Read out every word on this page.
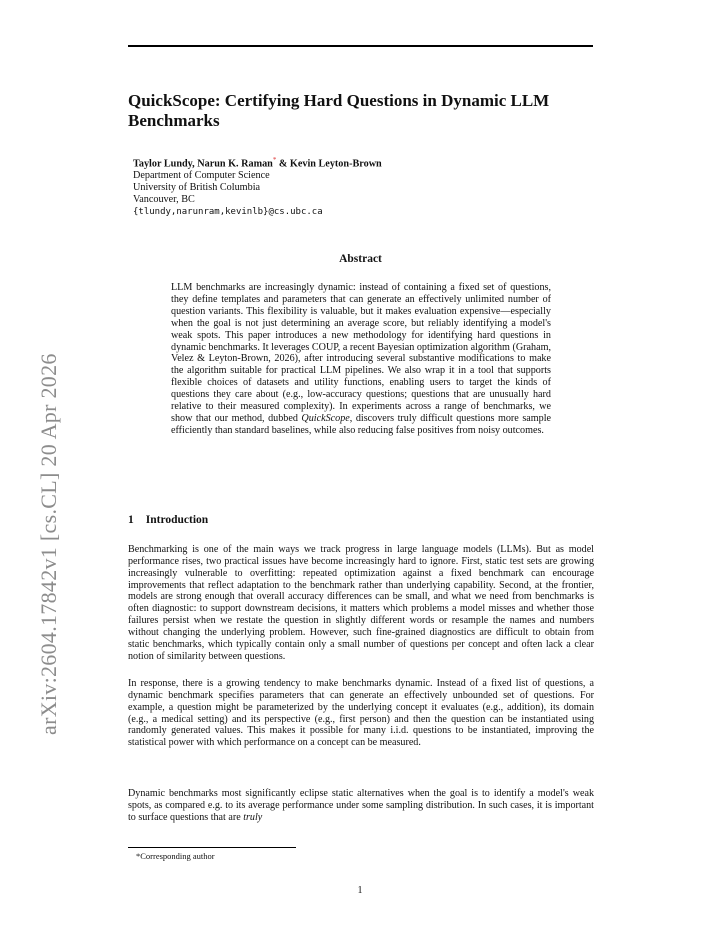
arXiv:2604.17842v1 [cs.CL] 20 Apr 2026
QuickScope: Certifying Hard Questions in Dynamic LLM Benchmarks
Taylor Lundy, Narun K. Raman* & Kevin Leyton-Brown
Department of Computer Science
University of British Columbia
Vancouver, BC
{tlundy,narunram,kevinlb}@cs.ubc.ca
Abstract

LLM benchmarks are increasingly dynamic: instead of containing a fixed set of questions, they define templates and parameters that can generate an effectively unlimited number of question variants. This flexibility is valuable, but it makes evaluation expensive—especially when the goal is not just determining an average score, but reliably identifying a model's weak spots. This paper introduces a new methodology for identifying hard questions in dynamic benchmarks. It leverages COUP, a recent Bayesian optimization algorithm (Graham, Velez & Leyton-Brown, 2026), after introducing several substantive modifications to make the algorithm suitable for practical LLM pipelines. We also wrap it in a tool that supports flexible choices of datasets and utility functions, enabling users to target the kinds of questions they care about (e.g., low-accuracy questions; questions that are unusually hard relative to their measured complexity). In experiments across a range of benchmarks, we show that our method, dubbed QuickScope, discovers truly difficult questions more sample efficiently than standard baselines, while also reducing false positives from noisy outcomes.

1 Introduction

Benchmarking is one of the main ways we track progress in large language models (LLMs). But as model performance rises, two practical issues have become increasingly hard to ignore. First, static test sets are growing increasingly vulnerable to overfitting: repeated optimization against a fixed benchmark can encourage improvements that reflect adaptation to the benchmark rather than underlying capability. Second, at the frontier, models are strong enough that overall accuracy differences can be small, and what we need from benchmarks is often diagnostic: to support downstream decisions, it matters which problems a model misses and whether those failures persist when we restate the question in slightly different words or resample the names and numbers without changing the underlying problem. However, such fine-grained diagnostics are difficult to obtain from static benchmarks, which typically contain only a small number of questions per concept and often lack a clear notion of similarity between questions.

In response, there is a growing tendency to make benchmarks dynamic. Instead of a fixed list of questions, a dynamic benchmark specifies parameters that can generate an effectively unbounded set of questions. For example, a question might be parameterized by the underlying concept it evaluates (e.g., addition), its domain (e.g., a medical setting) and its perspective (e.g., first person) and then the question can be instantiated using randomly generated values. This makes it possible for many i.i.d. questions to be instantiated, improving the statistical power with which performance on a concept can be measured.

Dynamic benchmarks most significantly eclipse static alternatives when the goal is to identify a model's weak spots, as compared e.g. to its average performance under some sampling distribution. In such cases, it is important to surface questions that are truly

*Corresponding author
1
